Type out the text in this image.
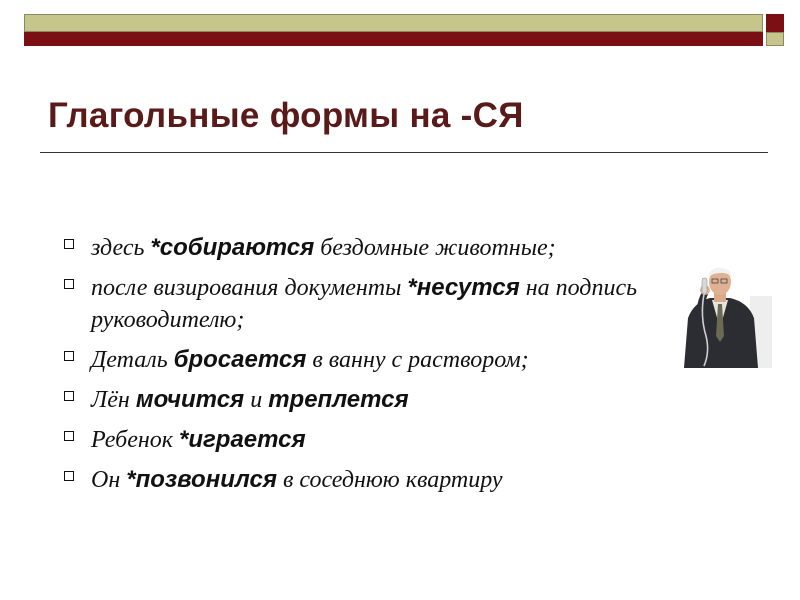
Глагольные формы на -СЯ
здесь *собираются бездомные животные;
после визирования документы *несутся на подпись руководителю;
Деталь бросается в ванну с раствором;
Лён мочится и треплется
Ребенок *играется
Он *позвонился в соседнюю квартиру
